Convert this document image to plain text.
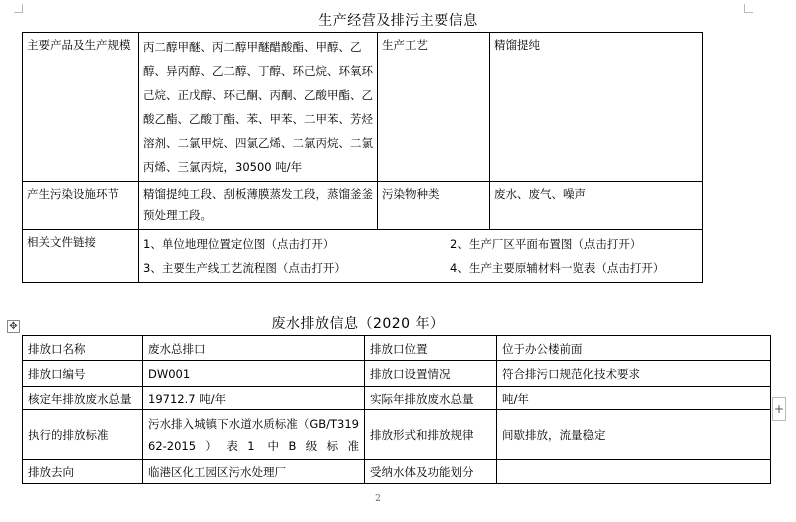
生产经营及排污主要信息
主要产品及生产规模	丙二醇甲醚、丙二醇甲醚醋酸酯、甲醇、乙醇、异丙醇、乙二醇、丁醇、环己烷、环氧环己烷、正戊醇、环己酮、丙酮、乙酸甲酯、乙酸乙酯、乙酸丁酯、苯、甲苯、二甲苯、芳烃溶剂、二氯甲烷、四氯乙烯、二氯丙烷、二氯丙烯、三氯丙烷，30500 吨/年	生产工艺	精馏提纯
产生污染设施环节	精馏提纯工段、刮板薄膜蒸发工段，蒸馏釜釜预处理工段。	污染物种类	废水、废气、噪声
相关文件链接	1、单位地理位置定位图（点击打开） 2、生产厂区平面布置图（点击打开）
3、主要生产线工艺流程图（点击打开） 4、生产主要原辅材料一览表（点击打开）		
✥	废水排放信息（2020 年）
排放口名称	废水总排口	排放口位置	位于办公楼前面
排放口编号	DW001	排放口设置情况	符合排污口规范化技术要求
核定年排放废水总量	19712.7 吨/年	实际年排放废水总量	吨/年
执行的排放标准	污水排入城镇下水道水质标准（GB/T31962-2015）表1 中B级标准	排放形式和排放规律	间歇排放，流量稳定
排放去向	临港区化工园区污水处理厂	受纳水体及功能划分	
+
2
